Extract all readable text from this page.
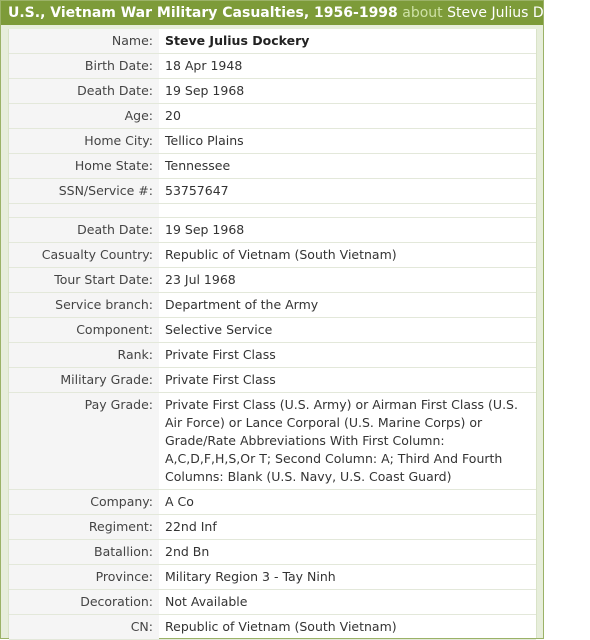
U.S., Vietnam War Military Casualties, 1956-1998 about Steve Julius Dockery
Name:	Steve Julius Dockery
Birth Date:	18 Apr 1948
Death Date:	19 Sep 1968
Age:	20
Home City:	Tellico Plains
Home State:	Tennessee
SSN/Service #:	53757647

Death Date:	19 Sep 1968
Casualty Country:	Republic of Vietnam (South Vietnam)
Tour Start Date:	23 Jul 1968
Service branch:	Department of the Army
Component:	Selective Service
Rank:	Private First Class
Military Grade:	Private First Class
Pay Grade:	Private First Class (U.S. Army) or Airman First Class (U.S. Air Force) or Lance Corporal (U.S. Marine Corps) or Grade/Rate Abbreviations With First Column: A,C,D,F,H,S,Or T; Second Column: A; Third And Fourth Columns: Blank (U.S. Navy, U.S. Coast Guard)
Company:	A Co
Regiment:	22nd Inf
Batallion:	2nd Bn
Province:	Military Region 3 - Tay Ninh
Decoration:	Not Available
CN:	Republic of Vietnam (South Vietnam)
